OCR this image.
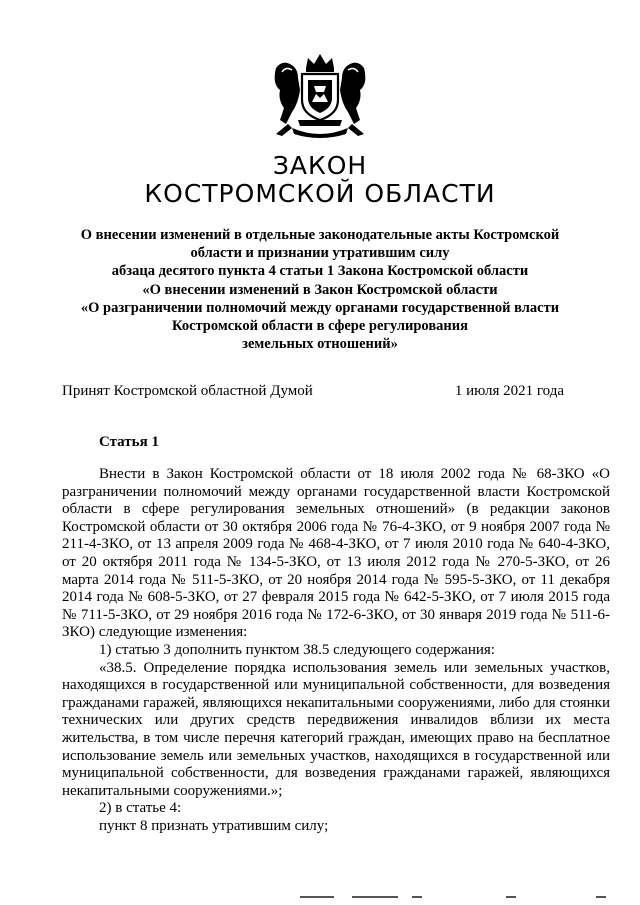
ЗАКОН
КОСТРОМСКОЙ ОБЛАСТИ
О внесении изменений в отдельные законодательные акты Костромской
области и признании утратившим силу
абзаца десятого пункта 4 статьи 1 Закона Костромской области
«О внесении изменений в Закон Костромской области
«О разграничении полномочий между органами государственной власти
Костромской области в сфере регулирования
земельных отношений»
Принят Костромской областной Думой	1 июля 2021 года
Статья 1

Внести в Закон Костромской области от 18 июля 2002 года № 68-ЗКО «О разграничении полномочий между органами государственной власти Костромской области в сфере регулирования земельных отношений» (в редакции законов Костромской области от 30 октября 2006 года № 76-4-ЗКО, от 9 ноября 2007 года № 211-4-ЗКО, от 13 апреля 2009 года № 468-4-ЗКО, от 7 июля 2010 года № 640-4-ЗКО, от 20 октября 2011 года № 134-5-ЗКО, от 13 июля 2012 года № 270-5-ЗКО, от 26 марта 2014 года № 511-5-ЗКО, от 20 ноября 2014 года № 595-5-ЗКО, от 11 декабря 2014 года № 608-5-ЗКО, от 27 февраля 2015 года № 642-5-ЗКО, от 7 июля 2015 года № 711-5-ЗКО, от 29 ноября 2016 года № 172-6-ЗКО, от 30 января 2019 года № 511-6-ЗКО) следующие изменения:

1) статью 3 дополнить пунктом 38.5 следующего содержания:

«38.5. Определение порядка использования земель или земельных участков, находящихся в государственной или муниципальной собственности, для возведения гражданами гаражей, являющихся некапитальными сооружениями, либо для стоянки технических или других средств передвижения инвалидов вблизи их места жительства, в том числе перечня категорий граждан, имеющих право на бесплатное использование земель или земельных участков, находящихся в государственной или муниципальной собственности, для возведения гражданами гаражей, являющихся некапитальными сооружениями.»;

2) в статье 4:

пункт 8 признать утратившим силу;
